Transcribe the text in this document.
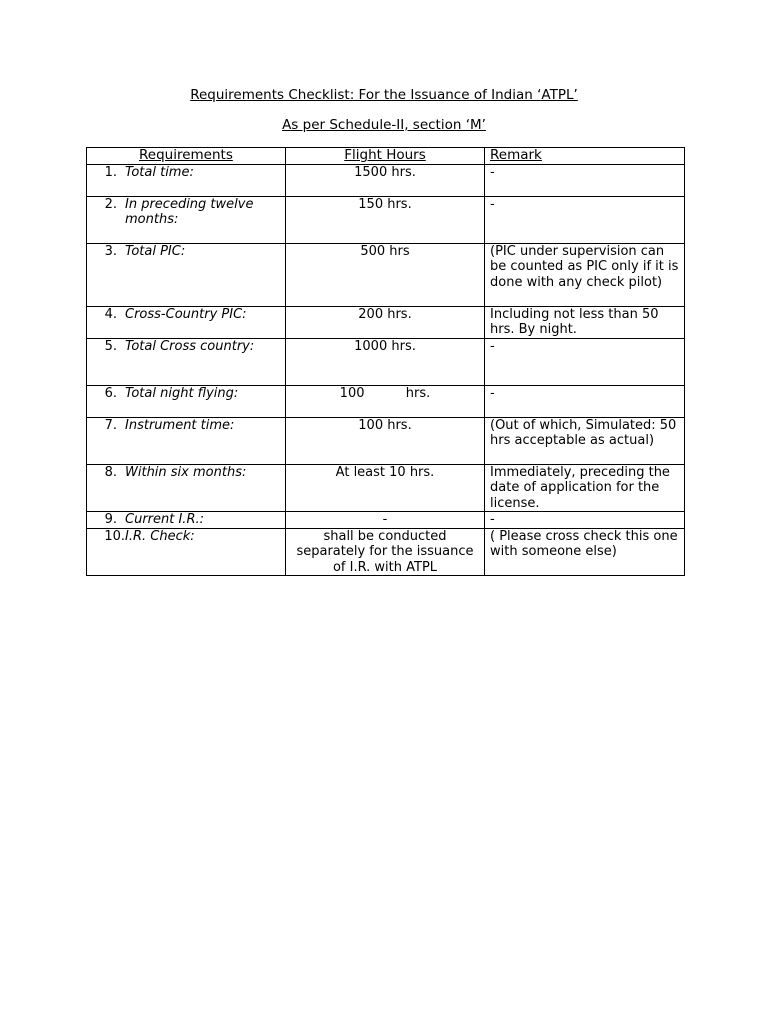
Requirements Checklist: For the Issuance of Indian ‘ATPL’
As per Schedule-II, section ‘M’
Requirements	Flight Hours	Remark
1. Total time:	1500 hrs.	-
2. In preceding twelve months:	150 hrs.	-
3. Total PIC:	500 hrs	(PIC under supervision can be counted as PIC only if it is done with any check pilot)
4. Cross-Country PIC:	200 hrs.	Including not less than 50 hrs. By night.
5. Total Cross country:	1000 hrs.	-
6. Total night flying:	100          hrs.	-
7. Instrument time:	100 hrs.	(Out of which, Simulated: 50 hrs acceptable as actual)
8. Within six months:	At least 10 hrs.	Immediately, preceding the date of application for the license.
9. Current I.R.:	-	-
10.I.R. Check:	shall be conducted separately for the issuance of I.R. with ATPL	( Please cross check this one with someone else)
